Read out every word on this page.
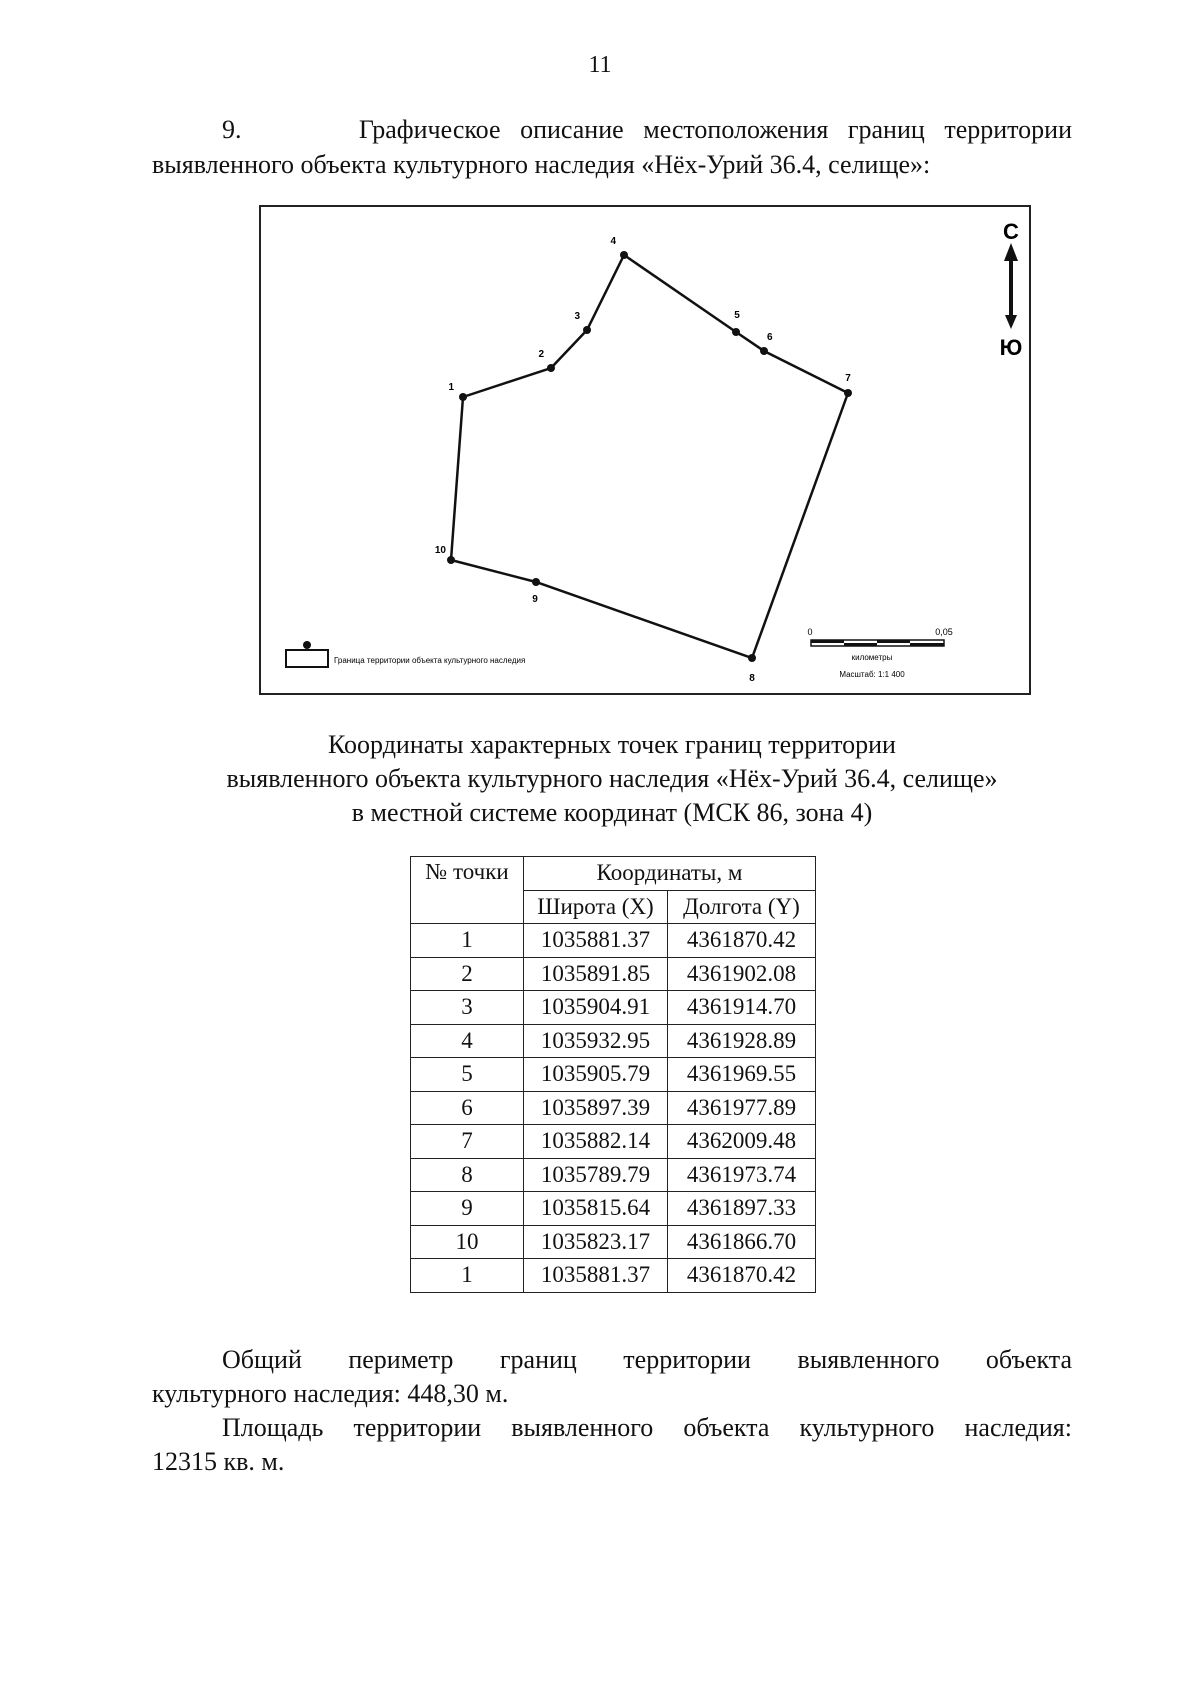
11
9.	Графическое описание местоположения границ территории
выявленного объекта культурного наследия «Нёх-Урий 36.4, селище»:
1
2
3
4
5
6
7
8
9
10
С
Ю
Граница территории объекта культурного наследия
0	0,05
километры
Масштаб: 1:1 400
Координаты характерных точек границ территории
выявленного объекта культурного наследия «Нёх-Урий 36.4, селище»
в местной системе координат (МСК 86, зона 4)
№ точки	Координаты, м	
	Широта (X)	Долгота (Y)
1	1035881.37	4361870.42
2	1035891.85	4361902.08
3	1035904.91	4361914.70
4	1035932.95	4361928.89
5	1035905.79	4361969.55
6	1035897.39	4361977.89
7	1035882.14	4362009.48
8	1035789.79	4361973.74
9	1035815.64	4361897.33
10	1035823.17	4361866.70
1	1035881.37	4361870.42

Общий периметр границ территории выявленного объекта

культурного наследия: 448,30 м.

Площадь территории выявленного объекта культурного наследия:

12315 кв. м.
